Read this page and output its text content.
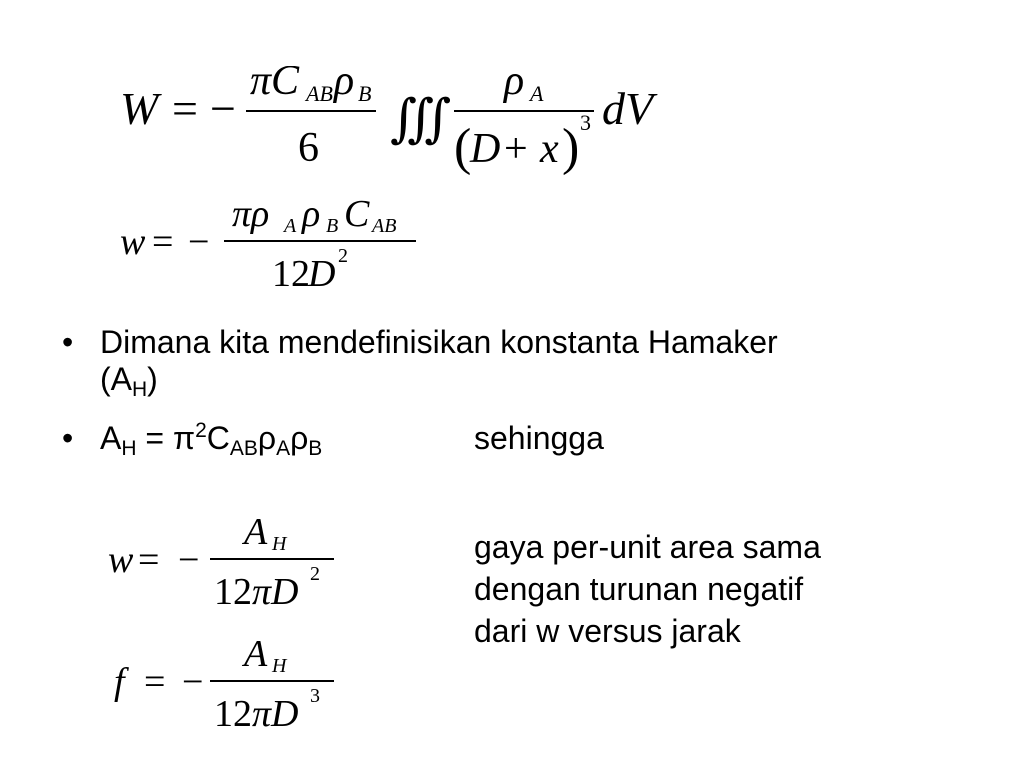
W = −
πC AB ρ B
6 ∭
ρ A
(
D + x ) 3 dV
w = −
πρ A ρ B C AB
12
D 2
• Dimana kita mendefinisikan konstanta Hamaker
(AH)
• AH = $\pi^2CAB\rho A\rho B$	sehingga
w = −
A H
12 πD 2
gaya per-unit area sama
dengan turunan negatif
dari w versus jarak
f = −
A H
12 πD 3
